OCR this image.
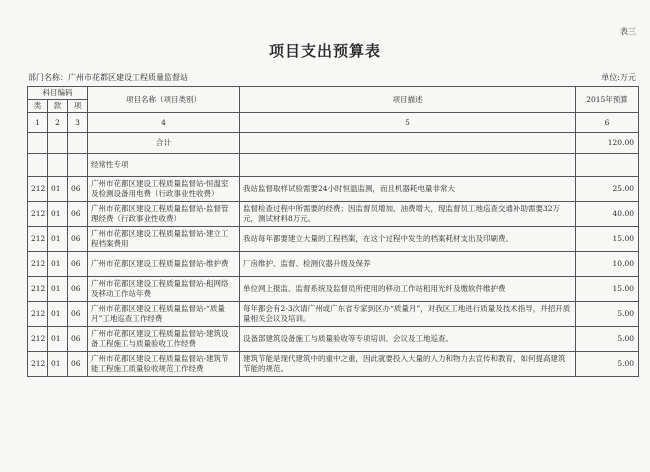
表三
项目支出预算表
部门名称：广州市花都区建设工程质量监督站	单位:万元
科目编码			项目名称（项目类别）	项目描述	2015年预算
类	款	项			
1	2	3	4	5	6
			合计		120.00
			经常性专项		
212	01	06	广州市花都区建设工程质量监督站-恒温室及检测设备用电费（行政事业性收费）	我站监督取样试验需要24小时恒温监测，而且机器耗电量非常大	25.00
212	01	06	广州市花都区建设工程质量监督站-监督管理经费（行政事业性收费）	监督检查过程中所需要的经费；因监督员增加、油费增大，现监督员工地巡查交通补助需要32万元，测试材料8万元。	40.00
212	01	06	广州市花都区建设工程质量监督站-建立工程档案费用	我站每年都要建立大量的工程档案，在这个过程中发生的档案耗材支出及印刷费。	15.00
212	01	06	广州市花都区建设工程质量监督站-维护费	厂房维护、监督、检测仪器升级及保养	10.00
212	01	06	广州市花都区建设工程质量监督站-租网络及移动工作站年费	单位网上报监、监督系统及监督员所使用的移动工作站租用光纤及缴软件维护费	15.00
212	01	06	广州市花都区建设工程质量监督站-“质量月”工地巡查工作经费	每年都会有2-3次请广州或广东省专家到区办“质量月”，对我区工地进行质量及技术指导，并招开质量相关会议及培训。	5.00
212	01	06	广州市花都区建设工程质量监督站-建筑设备工程施工与质量验收工作经费	设备部建筑设备施工与质量验收等专项培训、会议及工地巡查。	5.00
212	01	06	广州市花都区建设工程质量监督站-建筑节能工程施工质量验收规范工作经费	建筑节能是现代建筑中的重中之重，因此就要投入大量的人力和物力去宣传和教育，如何提高建筑节能的规范。	5.00
